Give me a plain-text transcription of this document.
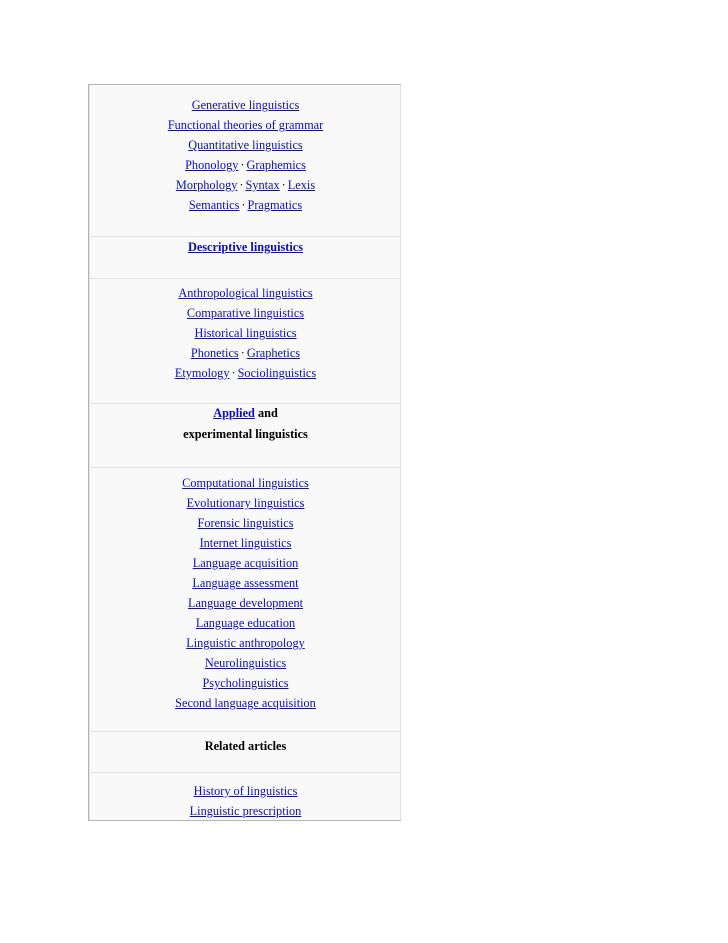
Generative linguistics
Functional theories of grammar
Quantitative linguistics
Phonology · Graphemics
Morphology · Syntax · Lexis
Semantics · Pragmatics
Descriptive linguistics
Anthropological linguistics
Comparative linguistics
Historical linguistics
Phonetics · Graphetics
Etymology · Sociolinguistics
Applied and
experimental linguistics
Computational linguistics
Evolutionary linguistics
Forensic linguistics
Internet linguistics
Language acquisition
Language assessment
Language development
Language education
Linguistic anthropology
Neurolinguistics
Psycholinguistics
Second language acquisition
Related articles
History of linguistics
Linguistic prescription
